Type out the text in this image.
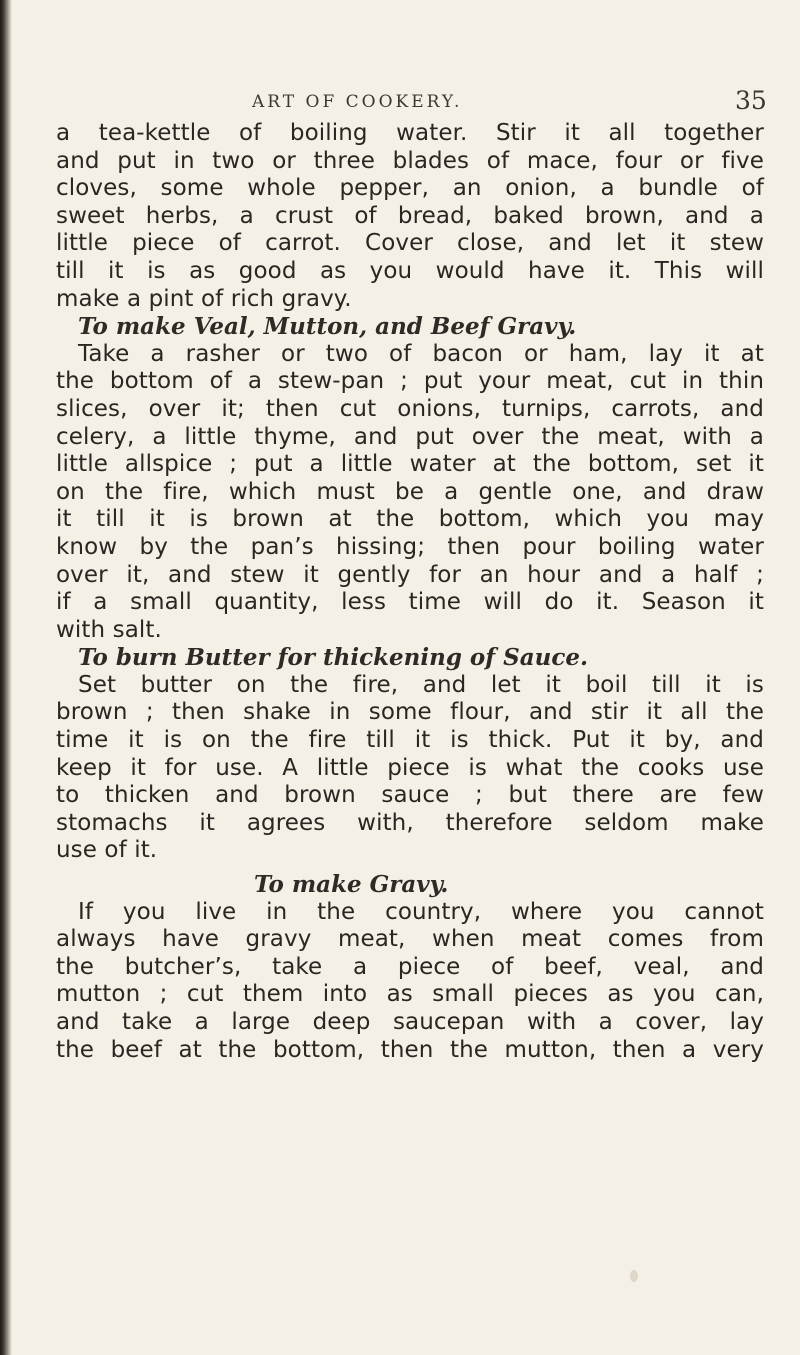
ART OF COOKERY.	35
a tea-kettle of boiling water. Stir it all together
and put in two or three blades of mace, four or five
cloves, some whole pepper, an onion, a bundle of
sweet herbs, a crust of bread, baked brown, and a
little piece of carrot. Cover close, and let it stew
till it is as good as you would have it. This will
make a pint of rich gravy.
To make Veal, Mutton, and Beef Gravy.
Take a rasher or two of bacon or ham, lay it at
the bottom of a stew-pan ; put your meat, cut in thin
slices, over it; then cut onions, turnips, carrots, and
celery, a little thyme, and put over the meat, with a
little allspice ; put a little water at the bottom, set it
on the fire, which must be a gentle one, and draw
it till it is brown at the bottom, which you may
know by the pan’s hissing; then pour boiling water
over it, and stew it gently for an hour and a half ;
if a small quantity, less time will do it. Season it
with salt.
To burn Butter for thickening of Sauce.
Set butter on the fire, and let it boil till it is
brown ; then shake in some flour, and stir it all the
time it is on the fire till it is thick. Put it by, and
keep it for use. A little piece is what the cooks use
to thicken and brown sauce ; but there are few
stomachs it agrees with, therefore seldom make
use of it.
To make Gravy.
If you live in the country, where you cannot
always have gravy meat, when meat comes from
the butcher’s, take a piece of beef, veal, and
mutton ; cut them into as small pieces as you can,
and take a large deep saucepan with a cover, lay
the beef at the bottom, then the mutton, then a very
